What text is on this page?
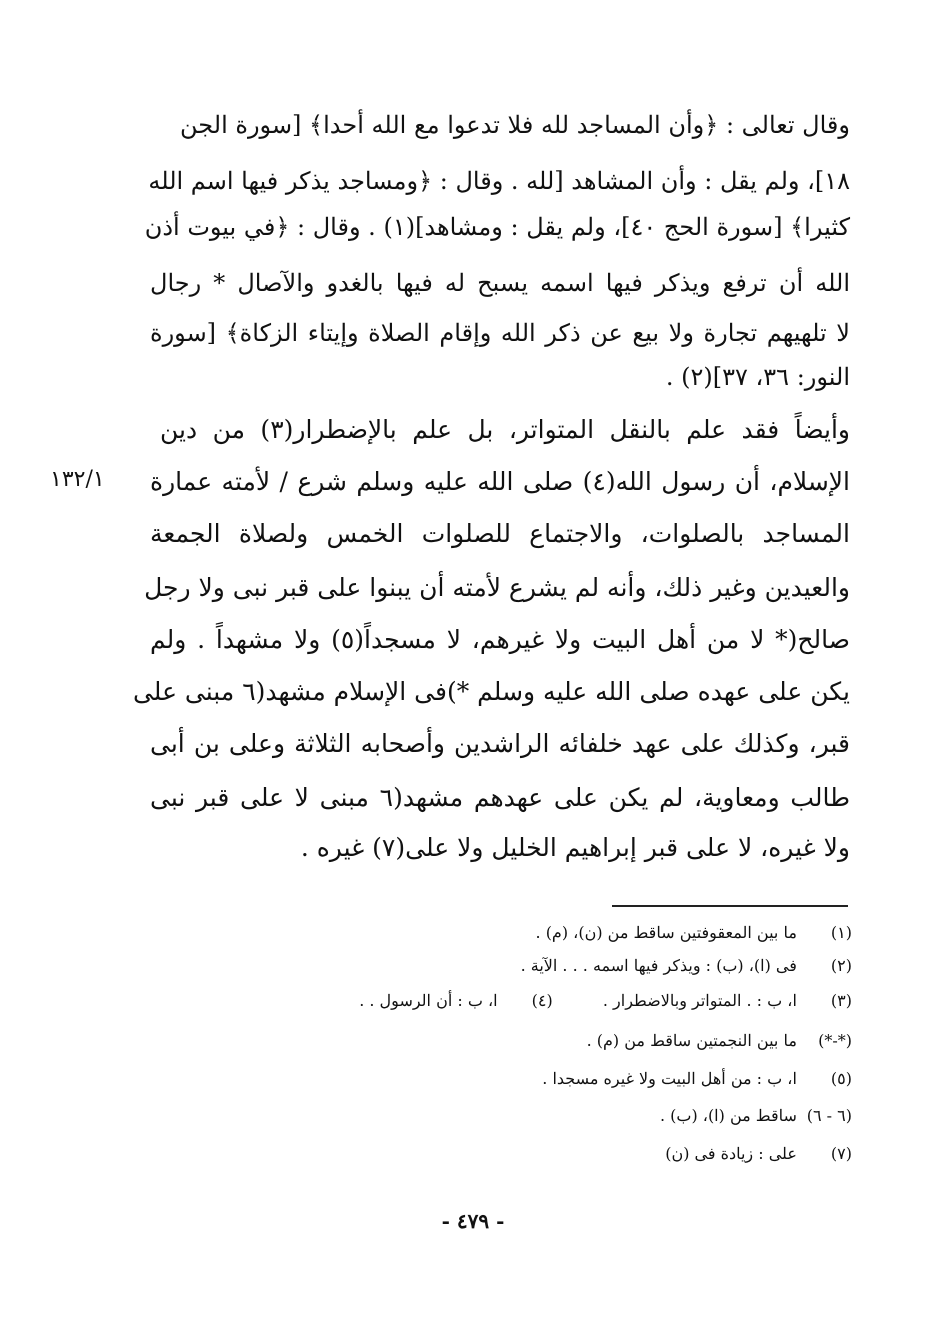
وقال تعالى : ﴿وأن المساجد لله فلا تدعوا مع الله أحدا﴾ [سورة الجن
١٨]، ولم يقل : وأن المشاهد [لله . وقال : ﴿ومساجد يذكر فيها اسم الله
كثيرا﴾ [سورة الحج ٤٠]، ولم يقل : ومشاهد](١) . وقال : ﴿في بيوت أذن
الله أن ترفع ويذكر فيها اسمه يسبح له فيها بالغدو والآصال * رجال
لا تلهيهم تجارة ولا بيع عن ذكر الله وإقام الصلاة وإيتاء الزكاة﴾ [سورة
النور: ٣٦، ٣٧](٢) .
١٣٢/١
وأيضاً فقد علم بالنقل المتواتر، بل علم بالإضطرار(٣) من دين
الإسلام، أن رسول الله(٤) صلى الله عليه وسلم شرع / لأمته عمارة
المساجد بالصلوات، والاجتماع للصلوات الخمس ولصلاة الجمعة
والعيدين وغير ذلك، وأنه لم يشرع لأمته أن يبنوا على قبر نبى ولا رجل
صالح(* لا من أهل البيت ولا غيرهم، لا مسجداً(٥) ولا مشهداً . ولم
يكن على عهده صلى الله عليه وسلم *)فى الإسلام مشهد(٦ مبنى على
قبر، وكذلك على عهد خلفائه الراشدين وأصحابه الثلاثة وعلى بن أبى
طالب ومعاوية، لم يكن على عهدهم مشهد(٦ مبنى لا على قبر نبى
ولا غيره، لا على قبر إبراهيم الخليل ولا على(٧) غيره .
(١) ما بين المعقوفتين ساقط من (ن)، (م) .
(٢) فى (ا)، (ب) : ويذكر فيها اسمه . . . الآية .
(٣) ا، ب : . المتواتر وبالاضطرار .  (٤) ا، ب : أن الرسول . .
(*-*) ما بين النجمتين ساقط من (م) .
(٥) ا، ب : من أهل البيت ولا غيره مسجدا .
(٦ - ٦) ساقط من (ا)، (ب) .
(٧) على : زيادة فى (ن)
- ٤٧٩ -
